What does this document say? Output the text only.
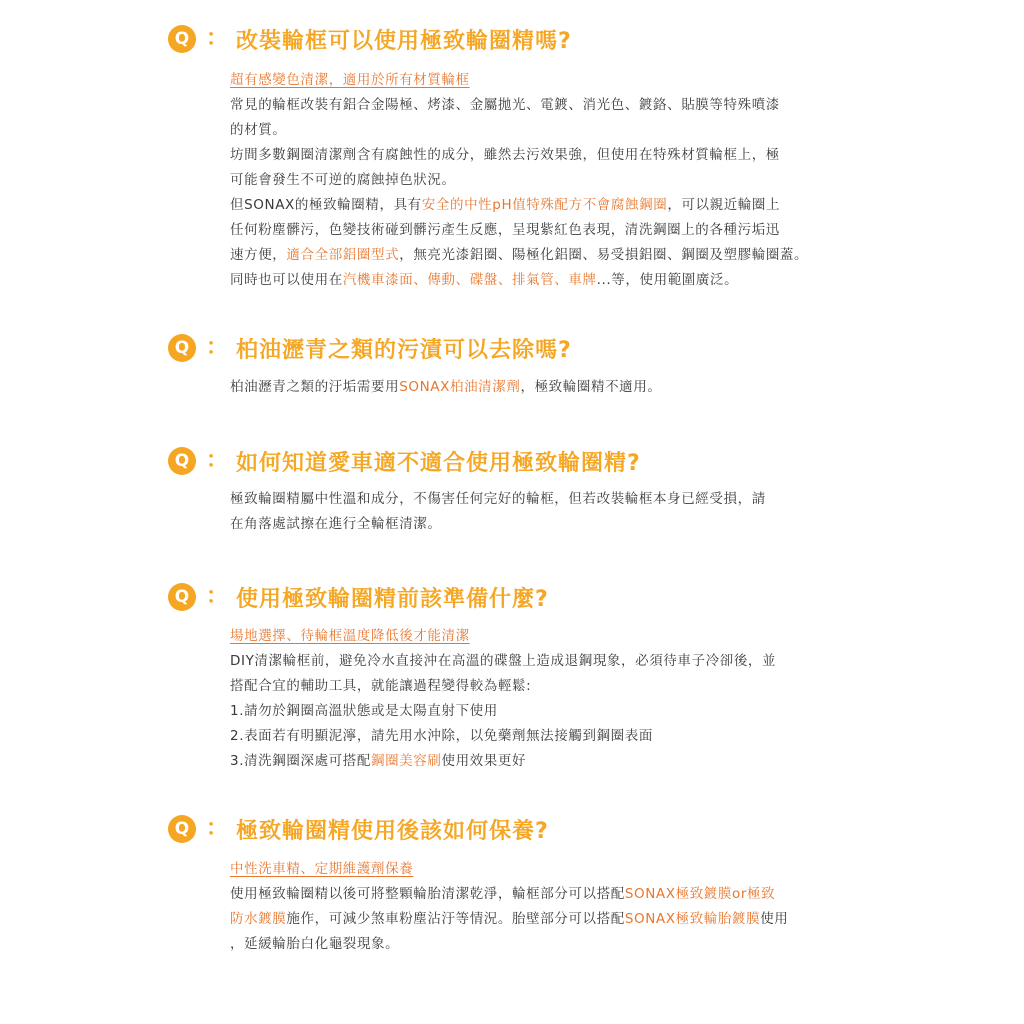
Q ： 改裝輪框可以使用極致輪圈精嗎?
超有感變色清潔，適用於所有材質輪框
常見的輪框改裝有鋁合金陽極、烤漆、金屬拋光、電鍍、消光色、鍍鉻、貼膜等特殊噴漆
的材質。
坊間多數鋼圈清潔劑含有腐蝕性的成分，雖然去污效果強，但使用在特殊材質輪框上，極
可能會發生不可逆的腐蝕掉色狀況。
但SONAX的極致輪圈精，具有安全的中性pH值特殊配方不會腐蝕鋼圈，可以親近輪圈上
任何粉塵髒污，色變技術碰到髒污產生反應，呈現紫紅色表現，清洗鋼圈上的各種污垢迅
速方便，適合全部鋁圈型式，無亮光漆鋁圈、陽極化鋁圈、易受損鋁圈、鋼圈及塑膠輪圈蓋。
同時也可以使用在汽機車漆面、傳動、碟盤、排氣管、車牌...等，使用範圍廣泛。
Q ： 柏油瀝青之類的污漬可以去除嗎?
柏油瀝青之類的汙垢需要用SONAX柏油清潔劑，極致輪圈精不適用。
Q ： 如何知道愛車適不適合使用極致輪圈精?
極致輪圈精屬中性溫和成分，不傷害任何完好的輪框，但若改裝輪框本身已經受損，請
在角落處試擦在進行全輪框清潔。
Q ： 使用極致輪圈精前該準備什麼?
場地選擇、待輪框溫度降低後才能清潔
DIY清潔輪框前，避免冷水直接沖在高溫的碟盤上造成退鋼現象，必須待車子冷卻後，並
搭配合宜的輔助工具，就能讓過程變得較為輕鬆:
1.請勿於鋼圈高溫狀態或是太陽直射下使用
2.表面若有明顯泥濘，請先用水沖除，以免藥劑無法接觸到鋼圈表面
3.清洗鋼圈深處可搭配鋼圈美容刷使用效果更好
Q ： 極致輪圈精使用後該如何保養?
中性洗車精、定期維護劑保養
使用極致輪圈精以後可將整顆輪胎清潔乾淨，輪框部分可以搭配SONAX極致鍍膜or極致
防水鍍膜施作，可減少煞車粉塵沾汙等情況。胎壁部分可以搭配SONAX極致輪胎鍍膜使用
，延緩輪胎白化龜裂現象。
